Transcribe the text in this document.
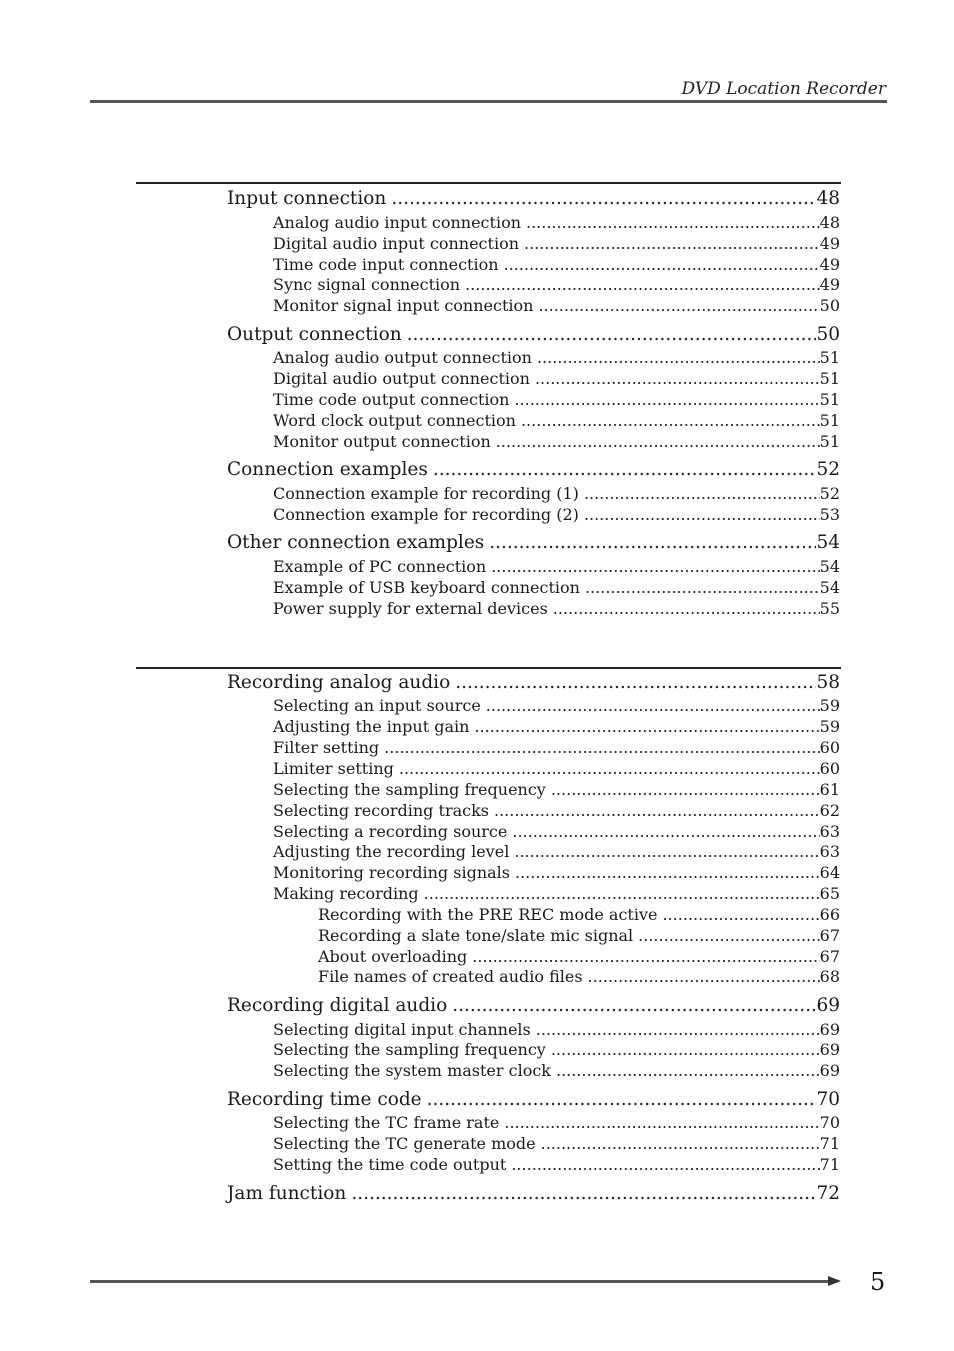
DVD Location Recorder
Input connection .....	48
Analog audio input connection .....	48
Digital audio input connection .....	49
Time code input connection .....	49
Sync signal connection .....	49
Monitor signal input connection .....	50
Output connection .....	50
Analog audio output connection .....	51
Digital audio output connection .....	51
Time code output connection .....	51
Word clock output connection .....	51
Monitor output connection .....	51
Connection examples .....	52
Connection example for recording (1) .....	52
Connection example for recording (2) .....	53
Other connection examples .....	54
Example of PC connection .....	54
Example of USB keyboard connection .....	54
Power supply for external devices .....	55
Recording analog audio .....	58
Selecting an input source .....	59
Adjusting the input gain .....	59
Filter setting .....	60
Limiter setting .....	60
Selecting the sampling frequency .....	61
Selecting recording tracks .....	62
Selecting a recording source .....	63
Adjusting the recording level .....	63
Monitoring recording signals .....	64
Making recording .....	65
Recording with the PRE REC mode active .....	66
Recording a slate tone/slate mic signal .....	67
About overloading .....	67
File names of created audio files .....	68
Recording digital audio .....	69
Selecting digital input channels .....	69
Selecting the sampling frequency .....	69
Selecting the system master clock .....	69
Recording time code .....	70
Selecting the TC frame rate .....	70
Selecting the TC generate mode .....	71
Setting the time code output .....	71
Jam function .....	72
5
